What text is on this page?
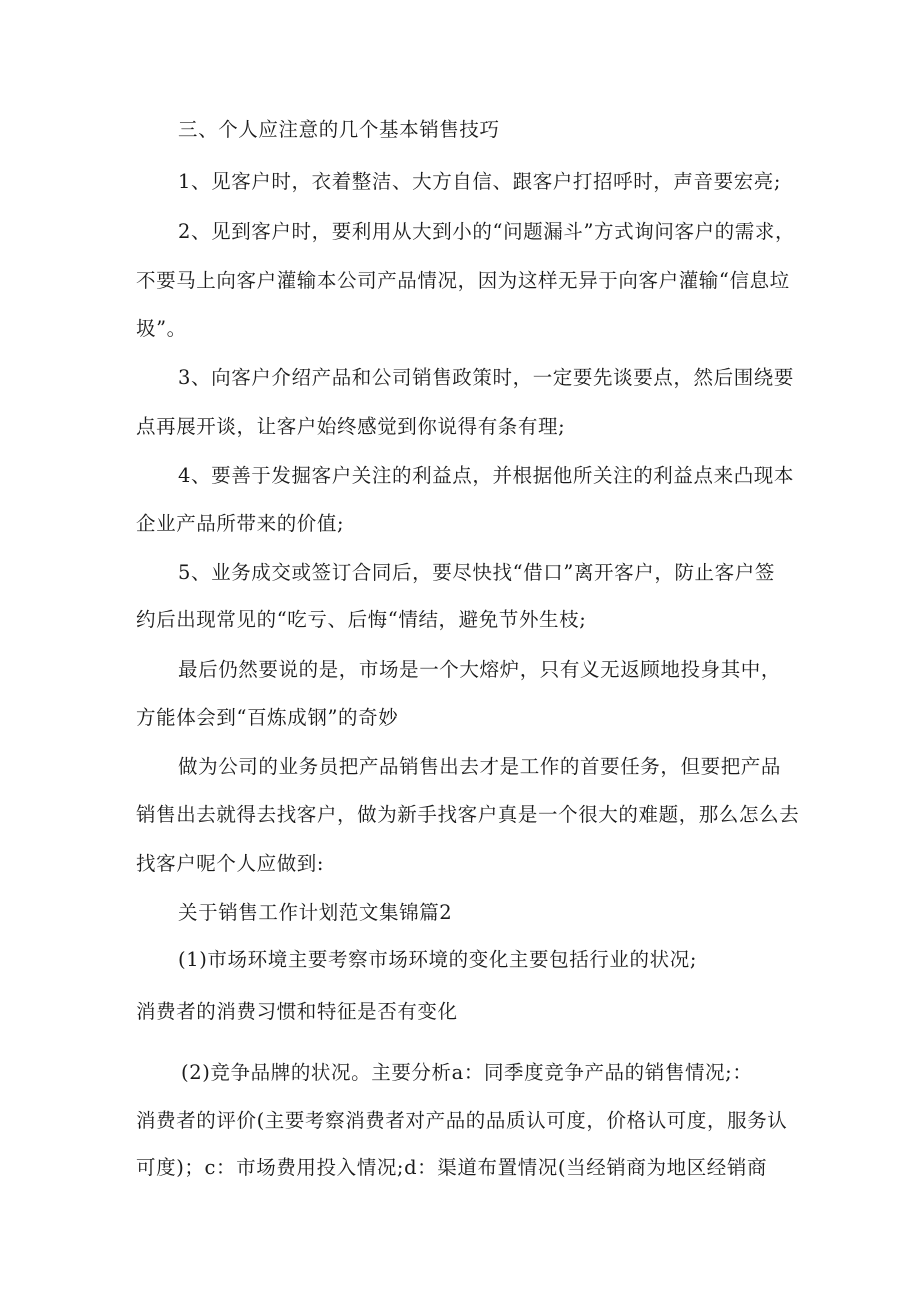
三、个人应注意的几个基本销售技巧
1、见客户时，衣着整洁、大方自信、跟客户打招呼时，声音要宏亮;
2、见到客户时，要利用从大到小的“问题漏斗”方式询问客户的需求，
不要马上向客户灌输本公司产品情况，因为这样无异于向客户灌输“信息垃
圾”。
3、向客户介绍产品和公司销售政策时，一定要先谈要点，然后围绕要
点再展开谈，让客户始终感觉到你说得有条有理;
4、要善于发掘客户关注的利益点，并根据他所关注的利益点来凸现本
企业产品所带来的价值;
5、业务成交或签订合同后，要尽快找“借口”离开客户，防止客户签
约后出现常见的“吃亏、后悔“情结，避免节外生枝;
最后仍然要说的是，市场是一个大熔炉，只有义无返顾地投身其中，
方能体会到“百炼成钢”的奇妙
做为公司的业务员把产品销售出去才是工作的首要任务，但要把产品
销售出去就得去找客户，做为新手找客户真是一个很大的难题，那么怎么去
找客户呢个人应做到:
关于销售工作计划范文集锦篇2
(1)市场环境主要考察市场环境的变化主要包括行业的状况;
消费者的消费习惯和特征是否有变化
(2)竞争品牌的状况。主要分析a：同季度竞争产品的销售情况;：
消费者的评价(主要考察消费者对产品的品质认可度，价格认可度，服务认
可度)；c：市场费用投入情况;d：渠道布置情况(当经销商为地区经销商
